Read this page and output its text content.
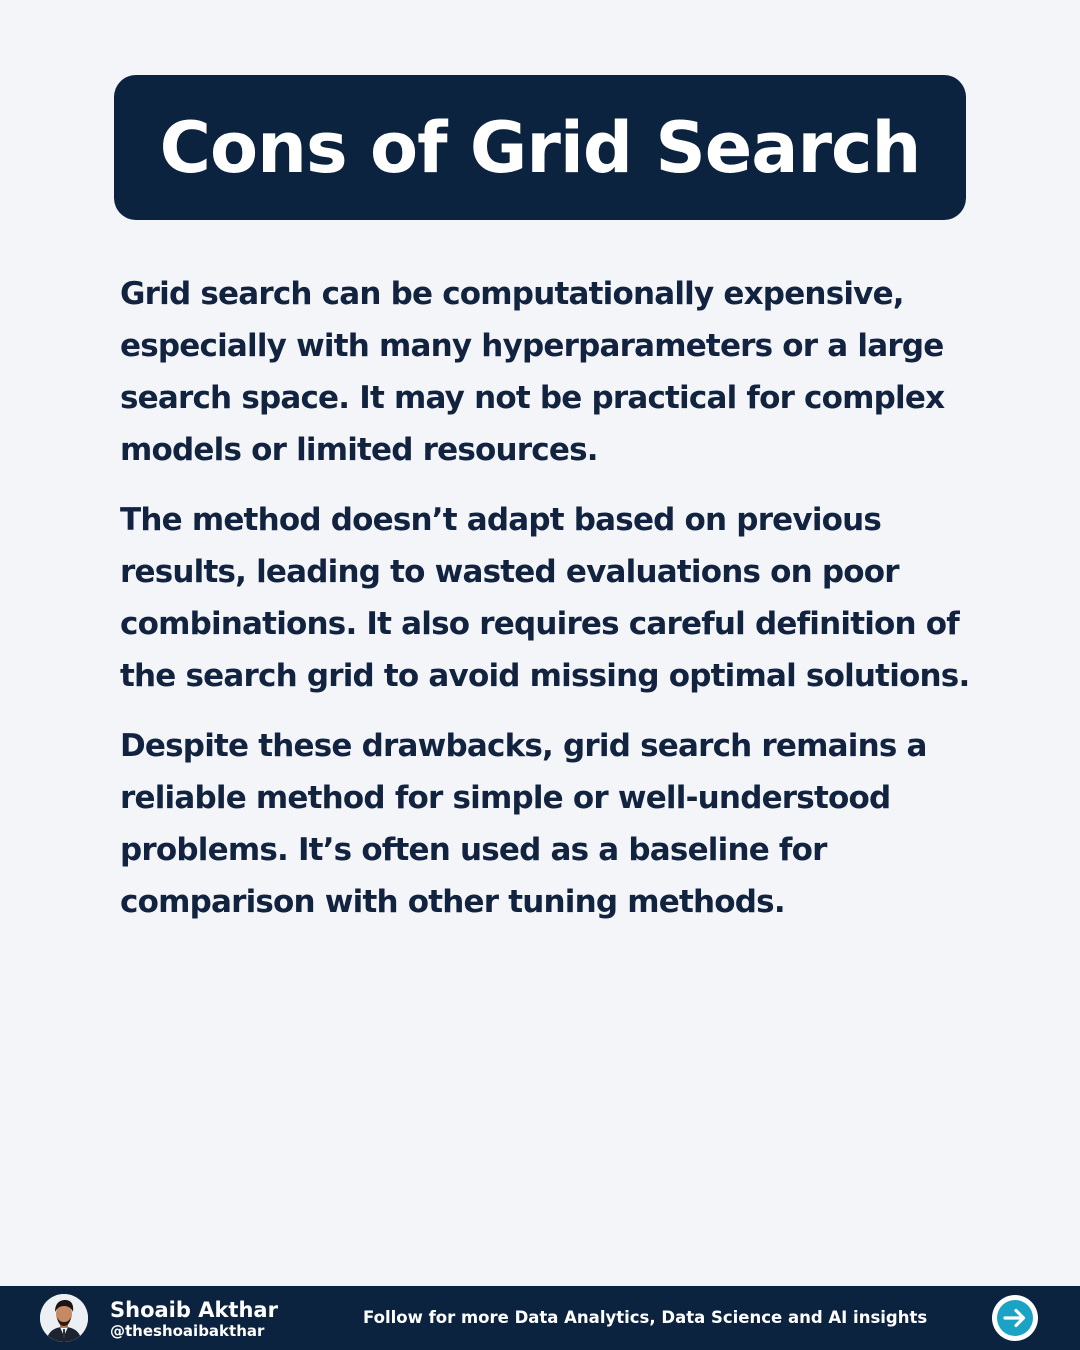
Cons of Grid Search

Grid search can be computationally expensive, especially with many hyperparameters or a large search space. It may not be practical for complex models or limited resources.

The method doesn’t adapt based on previous results, leading to wasted evaluations on poor combinations. It also requires careful definition of the search grid to avoid missing optimal solutions.

Despite these drawbacks, grid search remains a reliable method for simple or well-understood problems. It’s often used as a baseline for comparison with other tuning methods.

Shoaib Akthar
@theshoaibakthar
Follow for more Data Analytics, Data Science and AI insights
